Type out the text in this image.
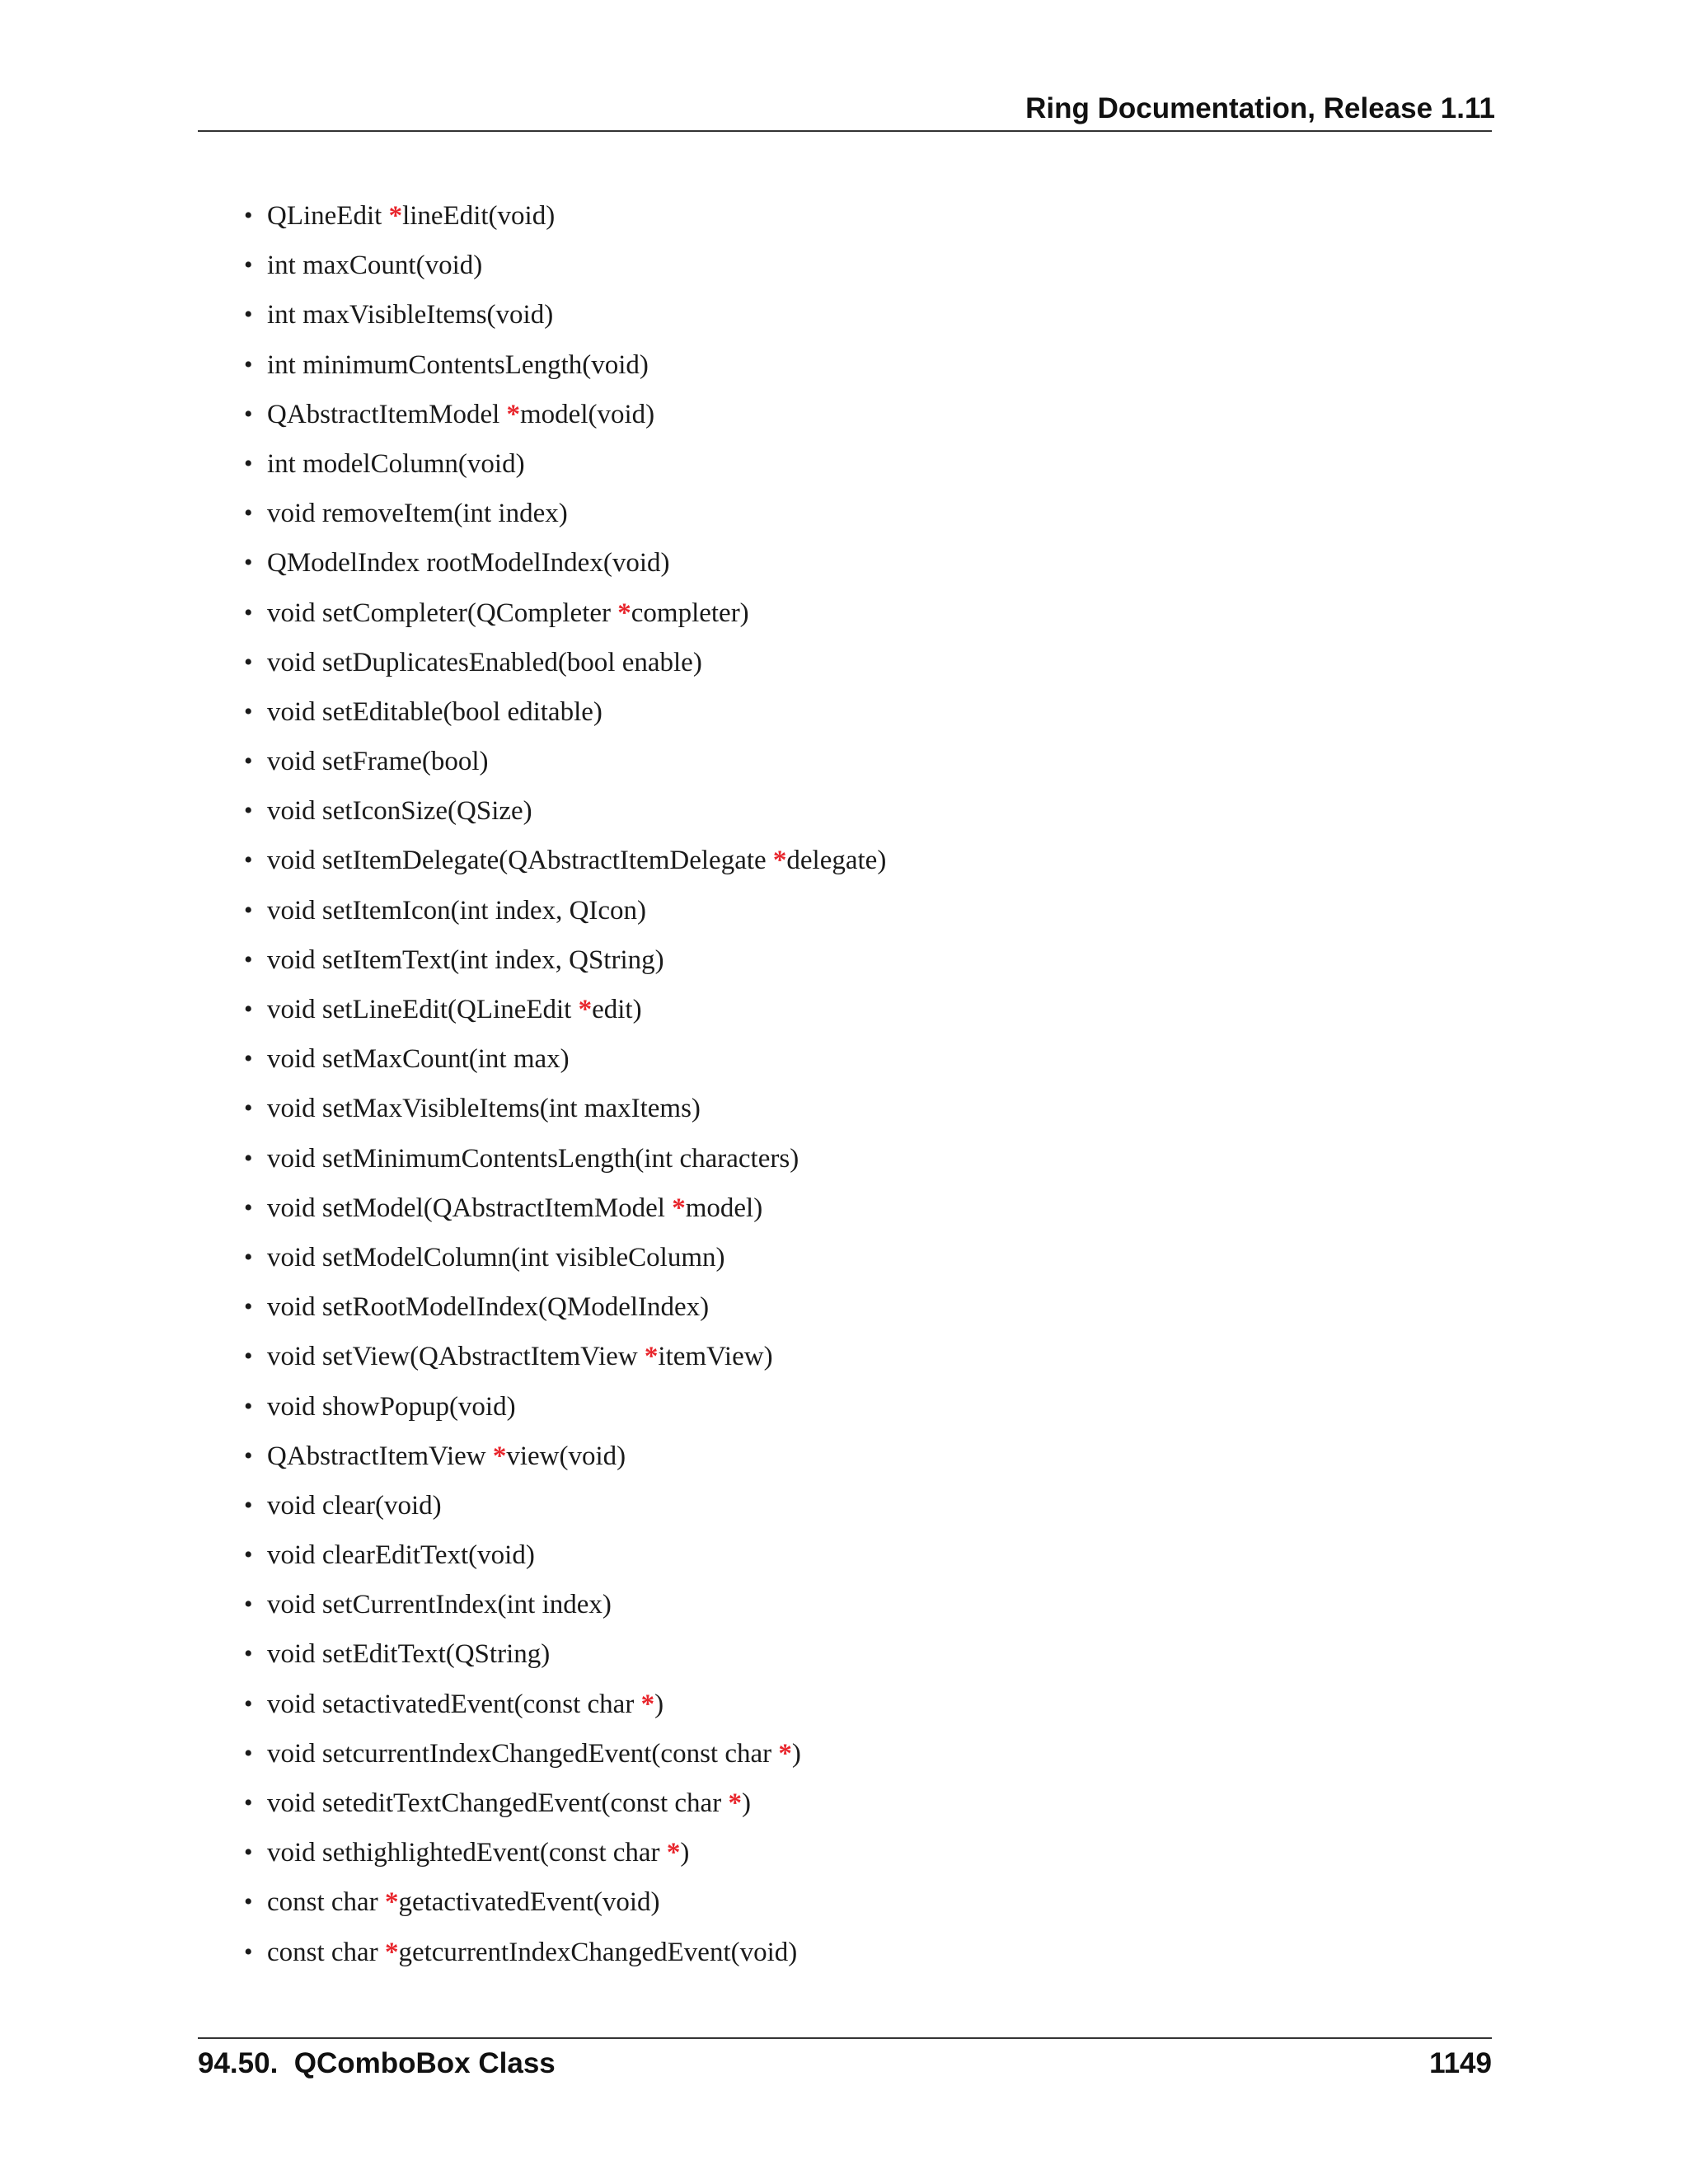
Ring Documentation, Release 1.11
• QLineEdit *lineEdit(void)
• int maxCount(void)
• int maxVisibleItems(void)
• int minimumContentsLength(void)
• QAbstractItemModel *model(void)
• int modelColumn(void)
• void removeItem(int index)
• QModelIndex rootModelIndex(void)
• void setCompleter(QCompleter *completer)
• void setDuplicatesEnabled(bool enable)
• void setEditable(bool editable)
• void setFrame(bool)
• void setIconSize(QSize)
• void setItemDelegate(QAbstractItemDelegate *delegate)
• void setItemIcon(int index, QIcon)
• void setItemText(int index, QString)
• void setLineEdit(QLineEdit *edit)
• void setMaxCount(int max)
• void setMaxVisibleItems(int maxItems)
• void setMinimumContentsLength(int characters)
• void setModel(QAbstractItemModel *model)
• void setModelColumn(int visibleColumn)
• void setRootModelIndex(QModelIndex)
• void setView(QAbstractItemView *itemView)
• void showPopup(void)
• QAbstractItemView *view(void)
• void clear(void)
• void clearEditText(void)
• void setCurrentIndex(int index)
• void setEditText(QString)
• void setactivatedEvent(const char *)
• void setcurrentIndexChangedEvent(const char *)
• void seteditTextChangedEvent(const char *)
• void sethighlightedEvent(const char *)
• const char *getactivatedEvent(void)
• const char *getcurrentIndexChangedEvent(void)
94.50.  QComboBox Class	1149
